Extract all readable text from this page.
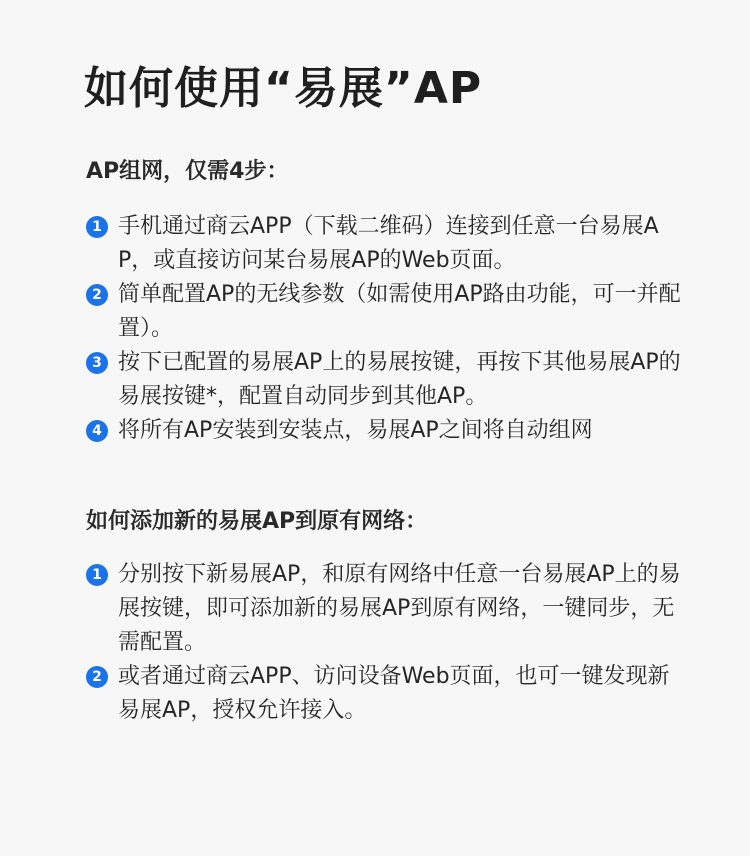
如何使用“易展”AP
AP组网，仅需4步：
1 手机通过商云APP（下载二维码）连接到任意一台易展AP，或直接访问某台易展AP的Web页面。
2 简单配置AP的无线参数（如需使用AP路由功能，可一并配置）。
3 按下已配置的易展AP上的易展按键，再按下其他易展AP的易展按键*，配置自动同步到其他AP。
4 将所有AP安装到安装点，易展AP之间将自动组网
如何添加新的易展AP到原有网络：
1 分别按下新易展AP，和原有网络中任意一台易展AP上的易展按键，即可添加新的易展AP到原有网络，一键同步，无需配置。
2 或者通过商云APP、访问设备Web页面，也可一键发现新易展AP，授权允许接入。
